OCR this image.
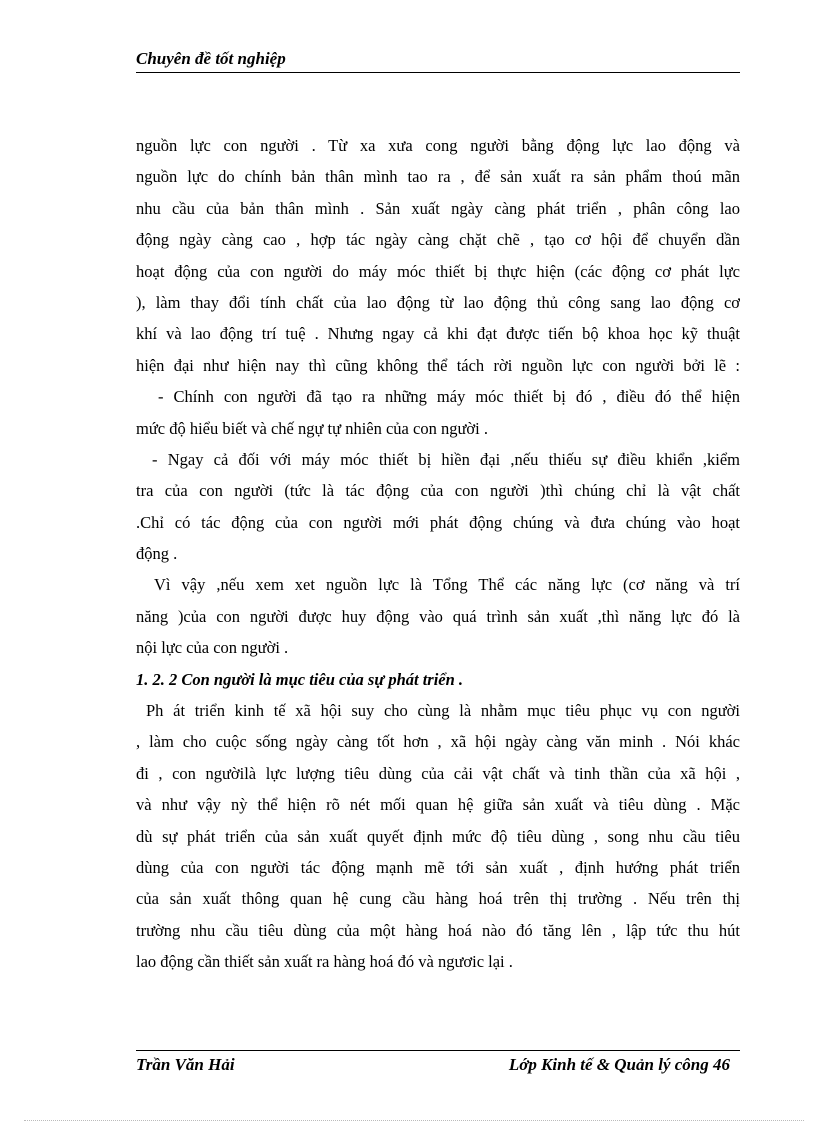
Chuyên đề tốt nghiệp
nguồn lực con người . Từ xa xưa cong người bằng động lực lao động và
nguồn lực do chính bản thân mình tao ra , để sản xuất ra sản phẩm thoú mãn
nhu cầu của bản thân mình . Sản xuất ngày càng phát triển , phân công lao
động ngày càng cao , hợp tác ngày càng chặt chẽ , tạo cơ hội để chuyển dần
hoạt động của con người do máy móc thiết bị thực hiện (các động cơ phát lực
), làm thay đổi tính chất của lao động từ lao động thủ công sang lao động cơ
khí và lao động trí tuệ . Nhưng ngay cả khi đạt được tiến bộ khoa học kỹ thuật
hiện đại như hiện nay thì cũng không thể tách rời nguồn lực con người bởi lẽ :
- Chính con người đã tạo ra những máy móc thiết bị đó , điều đó thể hiện
mức độ hiểu biết và chế ngự tự nhiên của con người .
- Ngay cả đối với máy móc thiết bị hiền đại ,nếu thiếu sự điều khiển ,kiểm
tra của con người (tức là tác động của con người )thì chúng chỉ là vật chất
.Chỉ có tác động của con người mới phát động chúng và đưa chúng vào hoạt
động .
Vì vậy ,nếu xem xet nguồn lực là Tổng Thể các năng lực (cơ năng và trí
năng )của con người được huy động vào quá trình sản xuất ,thì năng lực đó là
nội lực của con người .
1. 2. 2 Con người là mục tiêu của sự phát triển .
Ph át triển kinh tế xã hội suy cho cùng là nhằm mục tiêu phục vụ con người
, làm cho cuộc sống ngày càng tốt hơn , xã hội ngày càng văn minh . Nói khác
đi , con ngườilà lực lượng tiêu dùng của cải vật chất và tinh thần của xã hội ,
và như vậy nỳ thể hiện rõ nét mối quan hệ giữa sản xuất và tiêu dùng . Mặc
dù sự phát triển của sản xuất quyết định mức độ tiêu dùng , song nhu cầu tiêu
dùng của con người tác động mạnh mẽ tới sản xuất , định hướng phát triển
của sản xuất thông quan hệ cung cầu hàng hoá trên thị trường . Nếu trên thị
trường nhu cầu tiêu dùng của một hàng hoá nào đó tăng lên , lập tức thu hút
lao động cần thiết sản xuất ra hàng hoá đó và ngươic lại .
Trần Văn Hải	Lớp Kinh tế & Quản lý công 46
